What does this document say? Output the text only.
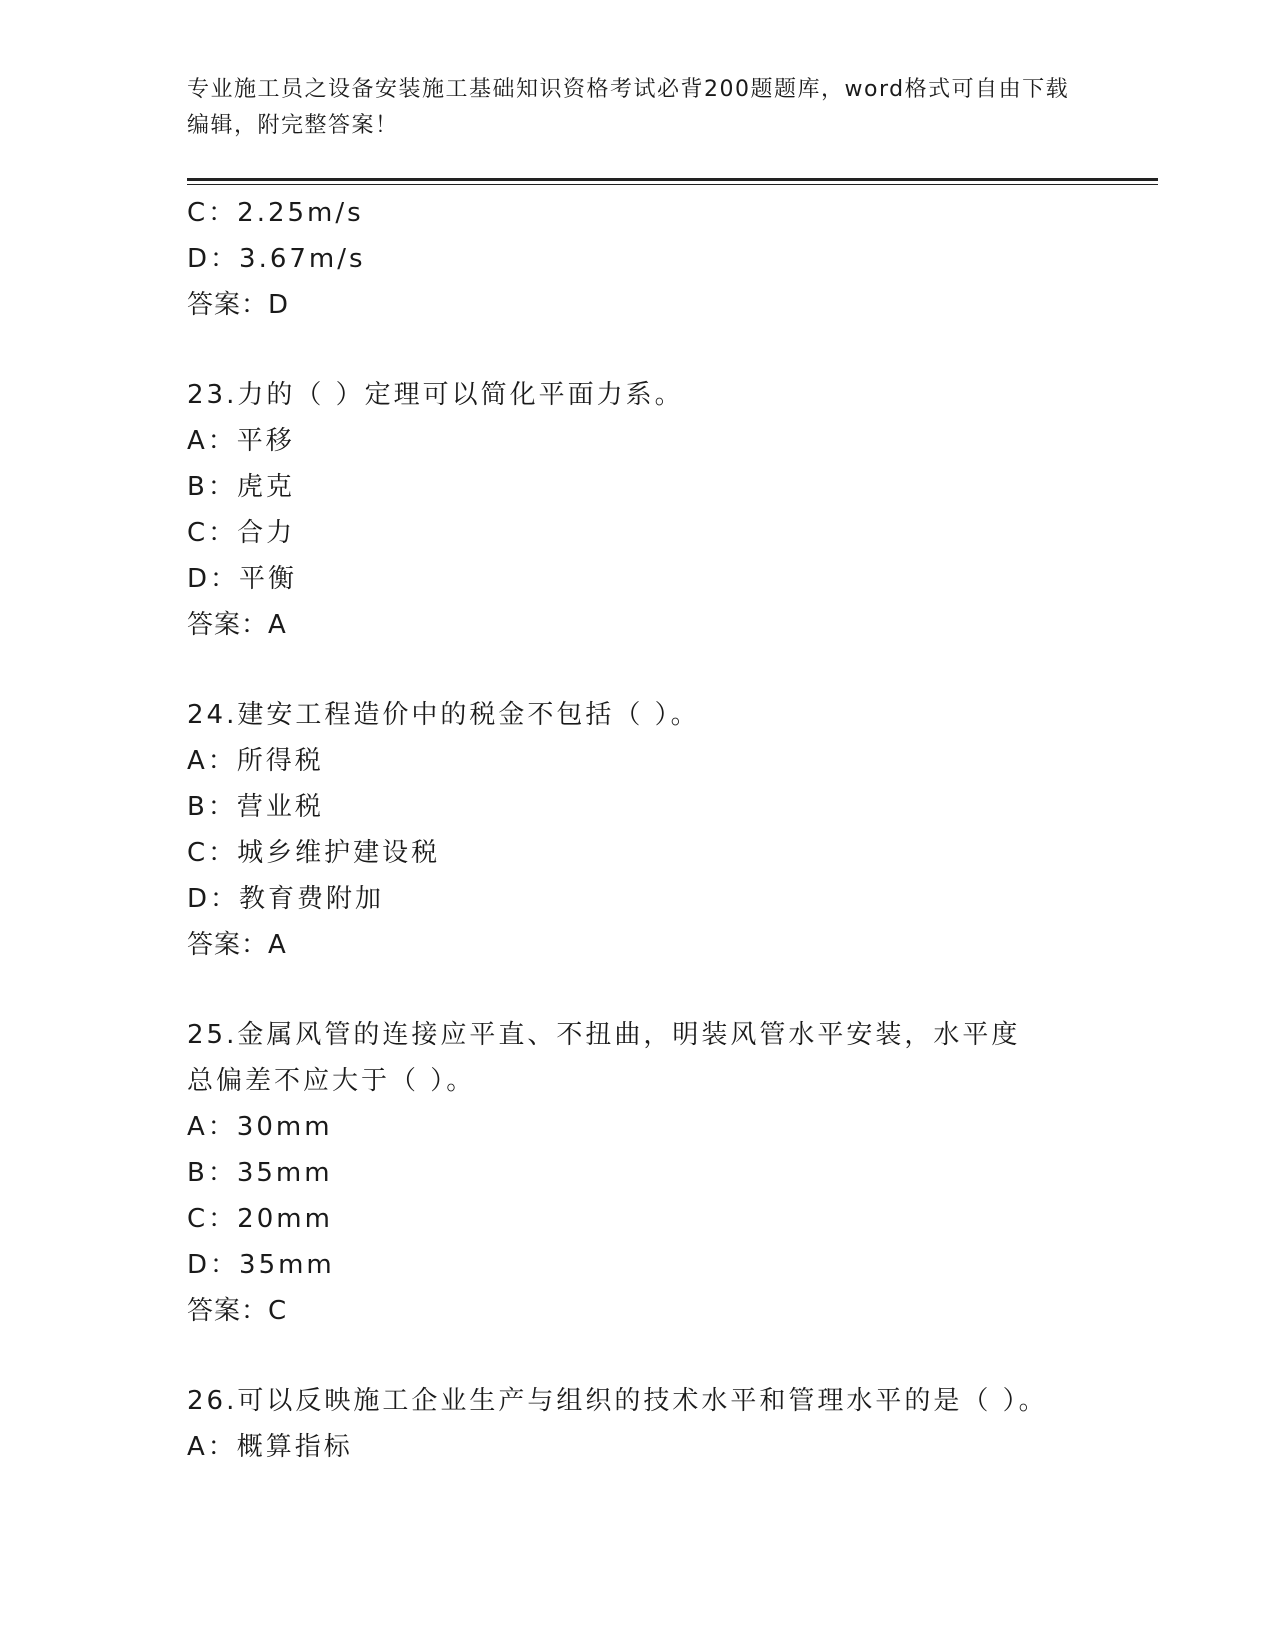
专业施工员之设备安装施工基础知识资格考试必背200题题库，word格式可自由下载编辑，附完整答案！
C：2.25m/s
D：3.67m/s
答案：D
23.力的（ ）定理可以简化平面力系。
A：平移
B：虎克
C：合力
D：平衡
答案：A
24.建安工程造价中的税金不包括（ ）。
A：所得税
B：营业税
C：城乡维护建设税
D：教育费附加
答案：A
25.金属风管的连接应平直、不扭曲，明装风管水平安装，水平度总偏差不应大于（ ）。
A：30mm
B：35mm
C：20mm
D：35mm
答案：C
26.可以反映施工企业生产与组织的技术水平和管理水平的是（ ）。
A：概算指标
